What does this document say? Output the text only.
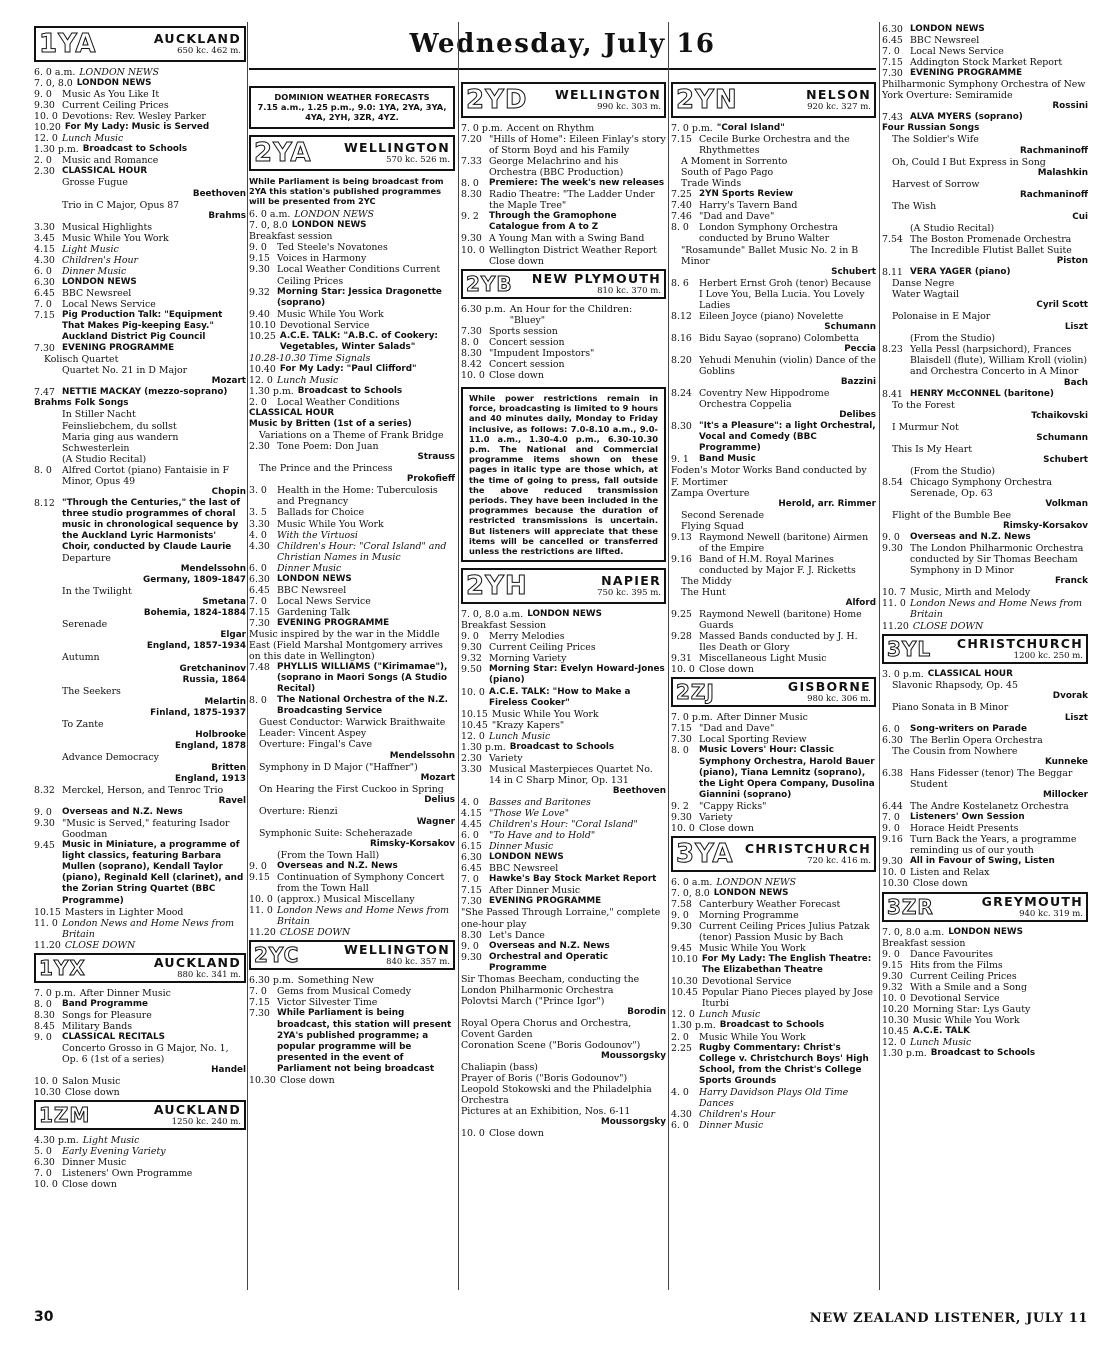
Wednesday, July 16
1YA	AUCKLAND
650 kc. 462 m.
6. 0 a.m. LONDON NEWS
7. 0, 8.0 LONDON NEWS
9. 0	Music As You Like It
9.30 Current Ceiling Prices
10. 0 Devotions: Rev. Wesley Parker
10.20 For My Lady: Music is Served
12. 0 Lunch Music
1.30 p.m. Broadcast to Schools
2. 0	Music and Romance
2.30 CLASSICAL HOUR
Grosse Fugue
Beethoven
Trio in C Major, Opus 87
Brahms
3.30 Musical Highlights
3.45 Music While You Work
4.15 Light Music
4.30 Children's Hour
6. 0	Dinner Music
6.30 LONDON NEWS
6.45 BBC Newsreel
7. 0	Local News Service
7.15 Pig Production Talk: "Equipment That Makes Pig-keeping Easy." Auckland District Pig Council
7.30 EVENING PROGRAMME
Kolisch Quartet
Quartet No. 21 in D Major
Mozart
7.47 NETTIE MACKAY (mezzo-soprano)
Brahms Folk Songs
In Stiller Nacht
Feinsliebchem, du sollst
Maria ging aus wandern
Schwesterlein
(A Studio Recital)
8. 0	Alfred Cortot (piano) Fantaisie in F Minor, Opus 49
Chopin
8.12 "Through the Centuries," the last of three studio programmes of choral music in chronological sequence by the Auckland Lyric Harmonists' Choir, conducted by Claude Laurie
Departure
Mendelssohn
Germany, 1809-1847
In the Twilight
Smetana
Bohemia, 1824-1884
Serenade
Elgar
England, 1857-1934
Autumn
Gretchaninov
Russia, 1864
The Seekers
Melartin
Finland, 1875-1937
To Zante
Holbrooke
England, 1878
Advance Democracy
Britten
England, 1913
8.32 Merckel, Herson, and Tenroc Trio
Ravel
9. 0	Overseas and N.Z. News
9.30 "Music is Served," featuring Isador Goodman
9.45 Music in Miniature, a programme of light classics, featuring Barbara Mullen (soprano), Kendall Taylor (piano), Reginald Kell (clarinet), and the Zorian String Quartet (BBC Programme)
10.15 Masters in Lighter Mood
11. 0 London News and Home News from Britain
11.20 CLOSE DOWN
1YX	AUCKLAND
880 kc. 341 m.
7. 0 p.m. After Dinner Music
8. 0	Band Programme
8.30 Songs for Pleasure
8.45 Military Bands
9. 0	CLASSICAL RECITALS
Concerto Grosso in G Major, No. 1, Op. 6 (1st of a series)
Handel
10. 0 Salon Music
10.30 Close down
1ZM	AUCKLAND
1250 kc. 240 m.
4.30 p.m. Light Music
5. 0	Early Evening Variety
6.30 Dinner Music
7. 0	Listeners' Own Programme
10. 0 Close down
DOMINION WEATHER FORECASTS
7.15 a.m., 1.25 p.m., 9.0: 1YA, 2YA, 3YA, 4YA, 2YH, 3ZR, 4YZ.
2YA	WELLINGTON
570 kc. 526 m.
While Parliament is being broadcast from 2YA this station's published programmes will be presented from 2YC
6. 0 a.m. LONDON NEWS
7. 0, 8.0 LONDON NEWS
Breakfast session
9. 0	Ted Steele's Novatones
9.15 Voices in Harmony
9.30 Local Weather Conditions Current Ceiling Prices
9.32 Morning Star: Jessica Dragonette (soprano)
9.40 Music While You Work
10.10 Devotional Service
10.25 A.C.E. TALK: "A.B.C. of Cookery: Vegetables, Winter Salads"
10.28-10.30 Time Signals
10.40 For My Lady: "Paul Clifford"
12. 0 Lunch Music
1.30 p.m. Broadcast to Schools
2. 0	Local Weather Conditions
CLASSICAL HOUR
Music by Britten (1st of a series)
Variations on a Theme of Frank Bridge
2.30 Tone Poem: Don Juan
Strauss
The Prince and the Princess
Prokofieff
3. 0	Health in the Home: Tuberculosis and Pregnancy
3. 5	Ballads for Choice
3.30 Music While You Work
4. 0	With the Virtuosi
4.30 Children's Hour: "Coral Island" and Christian Names in Music
6. 0	Dinner Music
6.30 LONDON NEWS
6.45 BBC Newsreel
7. 0	Local News Service
7.15 Gardening Talk
7.30 EVENING PROGRAMME
Music inspired by the war in the Middle East (Field Marshal Montgomery arrives on this date in Wellington)
7.48 PHYLLIS WILLIAMS ("Kirimamae"), (soprano in Maori Songs (A Studio Recital)
8. 0	The National Orchestra of the N.Z. Broadcasting Service
Guest Conductor: Warwick Braithwaite
Leader: Vincent Aspey
Overture: Fingal's Cave
Mendelssohn
Symphony in D Major ("Haffner")
Mozart
On Hearing the First Cuckoo in Spring
Delius
Overture: Rienzi
Wagner
Symphonic Suite: Scheherazade
Rimsky-Korsakov
(From the Town Hall)
9. 0	Overseas and N.Z. News
9.15 Continuation of Symphony Concert from the Town Hall
10. 0 (approx.) Musical Miscellany
11. 0 London News and Home News from Britain
11.20 CLOSE DOWN
2YC	WELLINGTON
840 kc. 357 m.
6.30 p.m. Something New
7. 0	Gems from Musical Comedy
7.15 Victor Silvester Time
7.30 While Parliament is being broadcast, this station will present 2YA's published programme; a popular programme will be presented in the event of Parliament not being broadcast
10.30 Close down
2YD	WELLINGTON
990 kc. 303 m.
7. 0 p.m. Accent on Rhythm
7.20 "Hills of Home": Eileen Finlay's story of Storm Boyd and his Family
7.33 George Melachrino and his Orchestra (BBC Production)
8. 0	Premiere: The week's new releases
8.30 Radio Theatre: "The Ladder Under the Maple Tree"
9. 2	Through the Gramophone Catalogue from A to Z
9.30 A Young Man with a Swing Band
10. 0 Wellington District Weather Report Close down
2YB	NEW PLYMOUTH
810 kc. 370 m.
6.30 p.m. An Hour for the Children: "Bluey"
7.30 Sports session
8. 0	Concert session
8.30 "Impudent Impostors"
8.42 Concert session
10. 0 Close down
While power restrictions remain in force, broadcasting is limited to 9 hours and 40 minutes daily, Monday to Friday inclusive, as follows: 7.0-8.10 a.m., 9.0-11.0 a.m., 1.30-4.0 p.m., 6.30-10.30 p.m. The National and Commercial programme items shown on these pages in italic type are those which, at the time of going to press, fall outside the above reduced transmission periods. They have been included in the programmes because the duration of restricted transmissions is uncertain. But listeners will appreciate that these items will be cancelled or transferred unless the restrictions are lifted.
2YH	NAPIER
750 kc. 395 m.
7. 0, 8.0 a.m. LONDON NEWS
Breakfast Session
9. 0	Merry Melodies
9.30 Current Ceiling Prices
9.32 Morning Variety
9.50 Morning Star: Evelyn Howard-Jones (piano)
10. 0 A.C.E. TALK: "How to Make a Fireless Cooker"
10.15 Music While You Work
10.45 "Krazy Kapers"
12. 0 Lunch Music
1.30 p.m. Broadcast to Schools
2.30 Variety
3.30 Musical Masterpieces Quartet No. 14 in C Sharp Minor, Op. 131
Beethoven
4. 0	Basses and Baritones
4.15 "Those We Love"
4.45 Children's Hour: "Coral Island"
6. 0	"To Have and to Hold"
6.15 Dinner Music
6.30 LONDON NEWS
6.45 BBC Newsreel
7. 0	Hawke's Bay Stock Market Report
7.15 After Dinner Music
7.30 EVENING PROGRAMME
"She Passed Through Lorraine," complete one-hour play
8.30 Let's Dance
9. 0	Overseas and N.Z. News
9.30 Orchestral and Operatic Programme
Sir Thomas Beecham, conducting the London Philharmonic Orchestra
Polovtsi March ("Prince Igor")
Borodin
Royal Opera Chorus and Orchestra, Covent Garden
Coronation Scene ("Boris Godounov")
Moussorgsky
Chaliapin (bass)
Prayer of Boris ("Boris Godounov")
Leopold Stokowski and the Philadelphia Orchestra
Pictures at an Exhibition, Nos. 6-11
Moussorgsky
10. 0 Close down
2YN	NELSON
920 kc. 327 m.
7. 0 p.m. "Coral Island"
7.15 Cecile Burke Orchestra and the Rhythmettes
A Moment in Sorrento
South of Pago Pago
Trade Winds
7.25 2YN Sports Review
7.40 Harry's Tavern Band
7.46 "Dad and Dave"
8. 0	London Symphony Orchestra conducted by Bruno Walter
"Rosamunde" Ballet Music No. 2 in B Minor
Schubert
8. 6	Herbert Ernst Groh (tenor) Because I Love You, Bella Lucia. You Lovely Ladies
8.12 Eileen Joyce (piano) Novelette
Schumann
8.16 Bidu Sayao (soprano) Colombetta
Peccia
8.20 Yehudi Menuhin (violin) Dance of the Goblins
Bazzini
8.24 Coventry New Hippodrome Orchestra Coppelia
Delibes
8.30 "It's a Pleasure": a light Orchestral, Vocal and Comedy (BBC Programme)
9. 1	Band Music
Foden's Motor Works Band conducted by F. Mortimer
Zampa Overture
Herold, arr. Rimmer
Second Serenade
Flying Squad
9.13 Raymond Newell (baritone) Airmen of the Empire
9.16 Band of H.M. Royal Marines conducted by Major F. J. Ricketts
The Middy
The Hunt
Alford
9.25 Raymond Newell (baritone) Home Guards
9.28 Massed Bands conducted by J. H. Iles Death or Glory
9.31 Miscellaneous Light Music
10. 0 Close down
2ZJ	GISBORNE
980 kc. 306 m.
7. 0 p.m. After Dinner Music
7.15 "Dad and Dave"
7.30 Local Sporting Review
8. 0	Music Lovers' Hour: Classic Symphony Orchestra, Harold Bauer (piano), Tiana Lemnitz (soprano), the Light Opera Company, Dusolina Giannini (soprano)
9. 2	"Cappy Ricks"
9.30 Variety
10. 0 Close down
3YA CHRISTCHURCH
720 kc. 416 m.
6. 0 a.m. LONDON NEWS
7. 0, 8.0 LONDON NEWS
7.58 Canterbury Weather Forecast
9. 0	Morning Programme
9.30 Current Ceiling Prices Julius Patzak (tenor) Passion Music by Bach
9.45 Music While You Work
10.10 For My Lady: The English Theatre: The Elizabethan Theatre
10.30 Devotional Service
10.45 Popular Piano Pieces played by Jose Iturbi
12. 0 Lunch Music
1.30 p.m. Broadcast to Schools
2. 0	Music While You Work
2.25 Rugby Commentary: Christ's College v. Christchurch Boys' High School, from the Christ's College Sports Grounds
4. 0	Harry Davidson Plays Old Time Dances
4.30 Children's Hour
6. 0	Dinner Music
6.30 LONDON NEWS
6.45 BBC Newsreel
7. 0	Local News Service
7.15 Addington Stock Market Report
7.30 EVENING PROGRAMME
Philharmonic Symphony Orchestra of New York Overture: Semiramide
Rossini
7.43 ALVA MYERS (soprano)
Four Russian Songs
The Soldier's Wife
Rachmaninoff
Oh, Could I But Express in Song
Malashkin
Harvest of Sorrow
Rachmaninoff
The Wish
Cui
(A Studio Recital)
7.54 The Boston Promenade Orchestra The Incredible Flutist Ballet Suite
Piston
8.11 VERA YAGER (piano)
Danse Negre
Water Wagtail
Cyril Scott
Polonaise in E Major
Liszt
(From the Studio)
8.23 Yella Pessl (harpsichord), Frances Blaisdell (flute), William Kroll (violin) and Orchestra Concerto in A Minor
Bach
8.41 HENRY McCONNEL (baritone)
To the Forest
Tchaikovski
I Murmur Not
Schumann
This Is My Heart
Schubert
(From the Studio)
8.54 Chicago Symphony Orchestra Serenade, Op. 63
Volkman
Flight of the Bumble Bee
Rimsky-Korsakov
9. 0	Overseas and N.Z. News
9.30 The London Philharmonic Orchestra conducted by Sir Thomas Beecham Symphony in D Minor
Franck
10. 7 Music, Mirth and Melody
11. 0 London News and Home News from Britain
11.20 CLOSE DOWN
3YL	CHRISTCHURCH
1200 kc. 250 m.
3. 0 p.m. CLASSICAL HOUR
Slavonic Rhapsody, Op. 45
Dvorak
Piano Sonata in B Minor
Liszt
6. 0	Song-writers on Parade
6.30 The Berlin Opera Orchestra
The Cousin from Nowhere
Kunneke
6.38 Hans Fidesser (tenor) The Beggar Student
Millocker
6.44 The Andre Kostelanetz Orchestra
7. 0	Listeners' Own Session
9. 0	Horace Heidt Presents
9.16 Turn Back the Years, a programme reminding us of our youth
9.30 All in Favour of Swing, Listen
10. 0 Listen and Relax
10.30 Close down
3ZR	GREYMOUTH
940 kc. 319 m.
7. 0, 8.0 a.m. LONDON NEWS
Breakfast session
9. 0	Dance Favourites
9.15 Hits from the Films
9.30 Current Ceiling Prices
9.32 With a Smile and a Song
10. 0 Devotional Service
10.20 Morning Star: Lys Gauty
10.30 Music While You Work
10.45 A.C.E. TALK
12. 0 Lunch Music
1.30 p.m. Broadcast to Schools
30	NEW ZEALAND LISTENER, JULY 11
